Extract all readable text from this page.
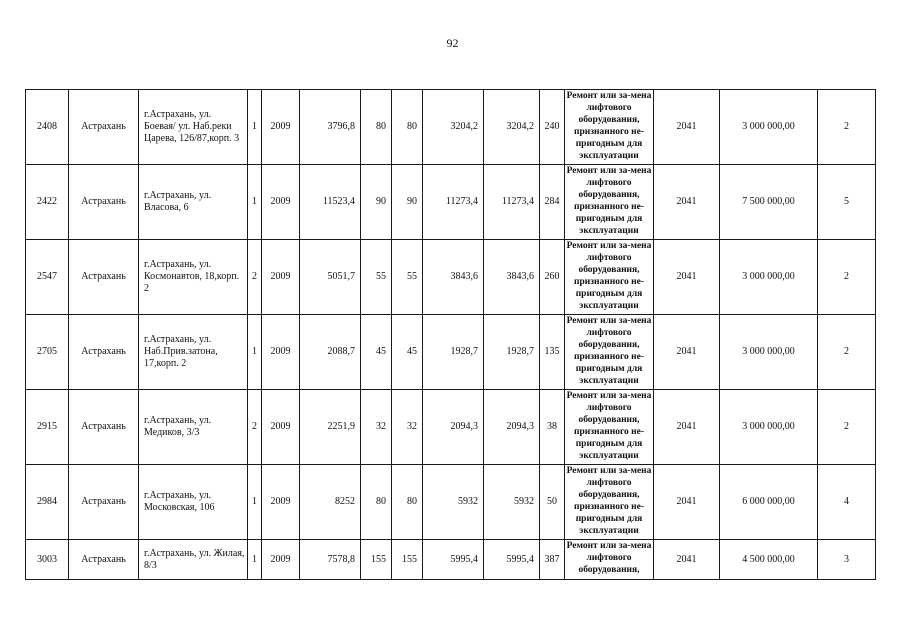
92
2408	Астрахань	г.Астрахань, ул. Боевая/ ул. Наб.реки Царева, 126/87,корп. 3	1	2009	3796,8	80	80	3204,2	3204,2	240	Ремонт или за-мена лифтового оборудования, признанного не-пригодным для эксплуатации	2041	3 000 000,00	2
2422	Астрахань	г.Астрахань, ул. Власова, 6	1	2009	11523,4	90	90	11273,4	11273,4	284	Ремонт или за-мена лифтового оборудования, признанного не-пригодным для эксплуатации	2041	7 500 000,00	5
2547	Астрахань	г.Астрахань, ул. Космонавтов, 18,корп. 2	2	2009	5051,7	55	55	3843,6	3843,6	260	Ремонт или за-мена лифтового оборудования, признанного не-пригодным для эксплуатации	2041	3 000 000,00	2
2705	Астрахань	г.Астрахань, ул. Наб.Прив.затона, 17,корп. 2	1	2009	2088,7	45	45	1928,7	1928,7	135	Ремонт или за-мена лифтового оборудования, признанного не-пригодным для эксплуатации	2041	3 000 000,00	2
2915	Астрахань	г.Астрахань, ул. Медиков, 3/3	2	2009	2251,9	32	32	2094,3	2094,3	38	Ремонт или за-мена лифтового оборудования, признанного не-пригодным для эксплуатации	2041	3 000 000,00	2
2984	Астрахань	г.Астрахань, ул. Московская, 106	1	2009	8252	80	80	5932	5932	50	Ремонт или за-мена лифтового оборудования, признанного не-пригодным для эксплуатации	2041	6 000 000,00	4
3003	Астрахань	г.Астрахань, ул. Жилая, 8/3	1	2009	7578,8	155	155	5995,4	5995,4	387	Ремонт или за-мена лифтового оборудования,	2041	4 500 000,00	3
